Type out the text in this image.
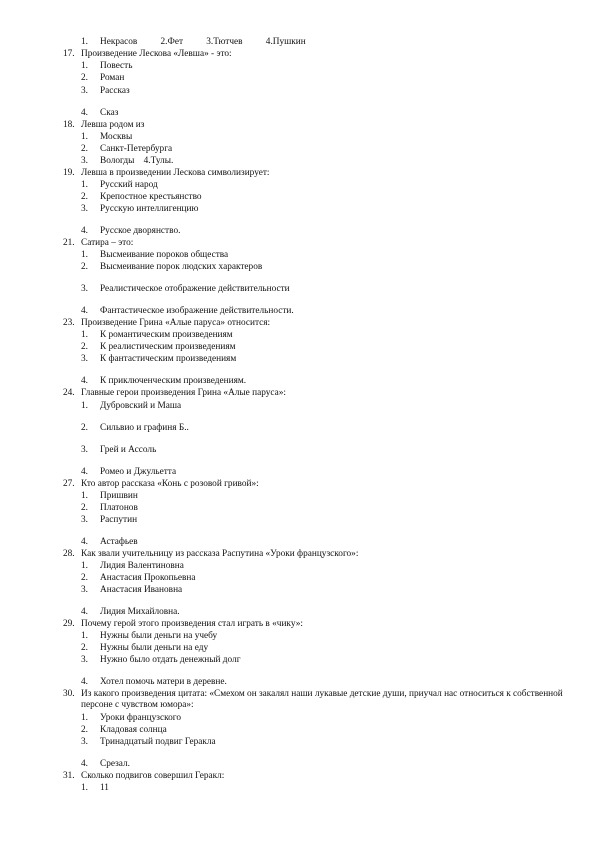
1. Некрасов          2.Фет          3.Тютчев          4.Пушкин
17. Произведение Лескова «Левша» - это:
1. Повесть
2. Роман
3. Рассказ
4. Сказ
18. Левша родом из
1. Москвы
2. Санкт-Петербурга
3. Вологды    4.Тулы.
19. Левша в произведении Лескова символизирует:
1. Русский народ
2. Крепостное крестьянство
3. Русскую интеллигенцию
4. Русское дворянство.
21. Сатира – это:
1. Высмеивание пороков общества
2. Высмеивание порок людских характеров
3. Реалистическое отображение действительности
4. Фантастическое изображение действительности.
23. Произведение Грина «Алые паруса» относится:
1. К романтическим произведениям
2. К реалистическим произведениям
3. К фантастическим произведениям
4. К приключенческим произведениям.
24. Главные герои произведения Грина «Алые паруса»:
1. Дубровский и Маша
2. Сильвио и графиня Б..
3. Грей и Ассоль
4. Ромео и Джульетта
27. Кто автор рассказа «Конь с розовой гривой»:
1. Пришвин
2. Платонов
3. Распутин
4. Астафьев
28. Как звали учительницу из рассказа Распутина «Уроки французского»:
1. Лидия Валентиновна
2. Анастасия Прокопьевна
3. Анастасия Ивановна
4. Лидия Михайловна.
29. Почему герой этого произведения стал играть в «чику»:
1. Нужны были деньги на учебу
2. Нужны были деньги на еду
3. Нужно было отдать денежный долг
4. Хотел помочь матери в деревне.
30. Из какого произведения цитата: «Смехом он закалял наши лукавые детские души, приучал нас относиться к собственной персоне с чувством юмора»:
1. Уроки французского
2. Кладовая солнца
3. Тринадцатый подвиг Геракла
4. Срезал.
31. Сколько подвигов совершил Геракл:
1. 11
